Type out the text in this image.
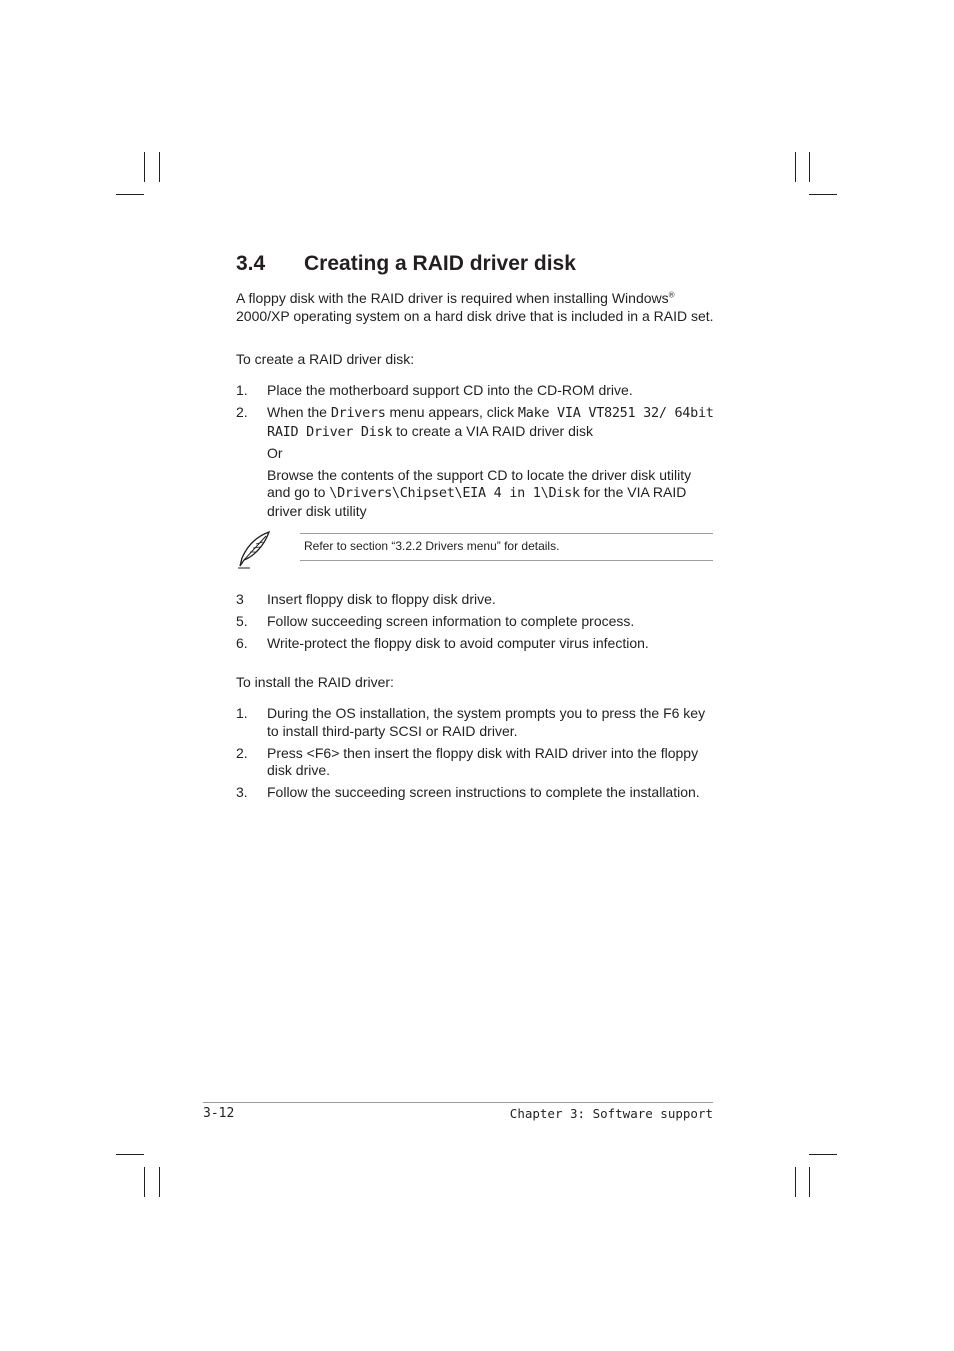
3.4 Creating a RAID driver disk

A floppy disk with the RAID driver is required when installing Windows® 2000/XP operating system on a hard disk drive that is included in a RAID set.

To create a RAID driver disk:

1.	Place the motherboard support CD into the CD-ROM drive.
2.	When the Drivers menu appears, click Make VIA VT8251 32/ 64bit RAID Driver Disk to create a VIA RAID driver disk
Or
Browse the contents of the support CD to locate the driver disk utility and go to \Drivers\Chipset\EIA 4 in 1\Disk for the VIA RAID driver disk utility

Refer to section “3.2.2 Drivers menu” for details.

3	Insert floppy disk to floppy disk drive.
5.	Follow succeeding screen information to complete process.
6.	Write-protect the floppy disk to avoid computer virus infection.

To install the RAID driver:

1.	During the OS installation, the system prompts you to press the F6 key to install third-party SCSI or RAID driver.
2.	Press <F6> then insert the floppy disk with RAID driver into the floppy disk drive.
3.	Follow the succeeding screen instructions to complete the installation.

3-12	Chapter 3: Software support
